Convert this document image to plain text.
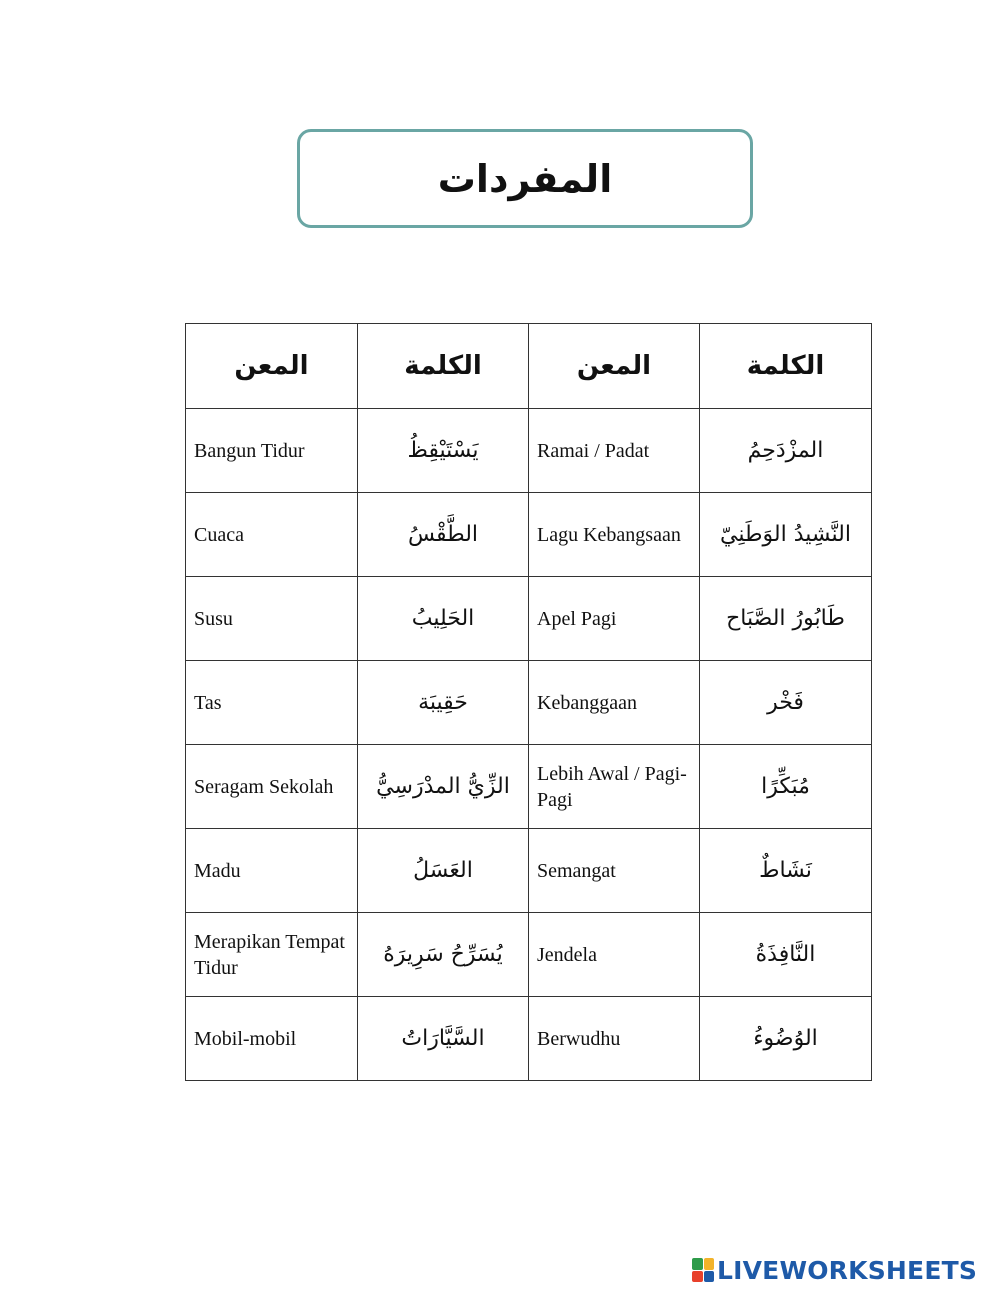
المفردات
المعن	الكلمة	المعن	الكلمة
Bangun Tidur	يَسْتَيْقِظُ	Ramai / Padat	المزْدَحِمُ
Cuaca	الطَّقْسُ	Lagu Kebangsaan	النَّشِيدُ الوَطَنِيّ
Susu	الحَلِيبُ	Apel Pagi	طَابُورُ الصَّبَاح
Tas	حَقِيبَة	Kebanggaan	فَخْر
Seragam Sekolah	الزِّيُّ المدْرَسِيُّ	Lebih Awal / Pagi-Pagi	مُبَكِّرًا
Madu	العَسَلُ	Semangat	نَشَاطٌ
Merapikan Tempat Tidur	يُسَرِّحُ سَرِيرَهُ	Jendela	النَّافِذَةُ
Mobil-mobil	السَّيَّارَاتُ	Berwudhu	الوُضُوءُ
LIVEWORKSHEETS
